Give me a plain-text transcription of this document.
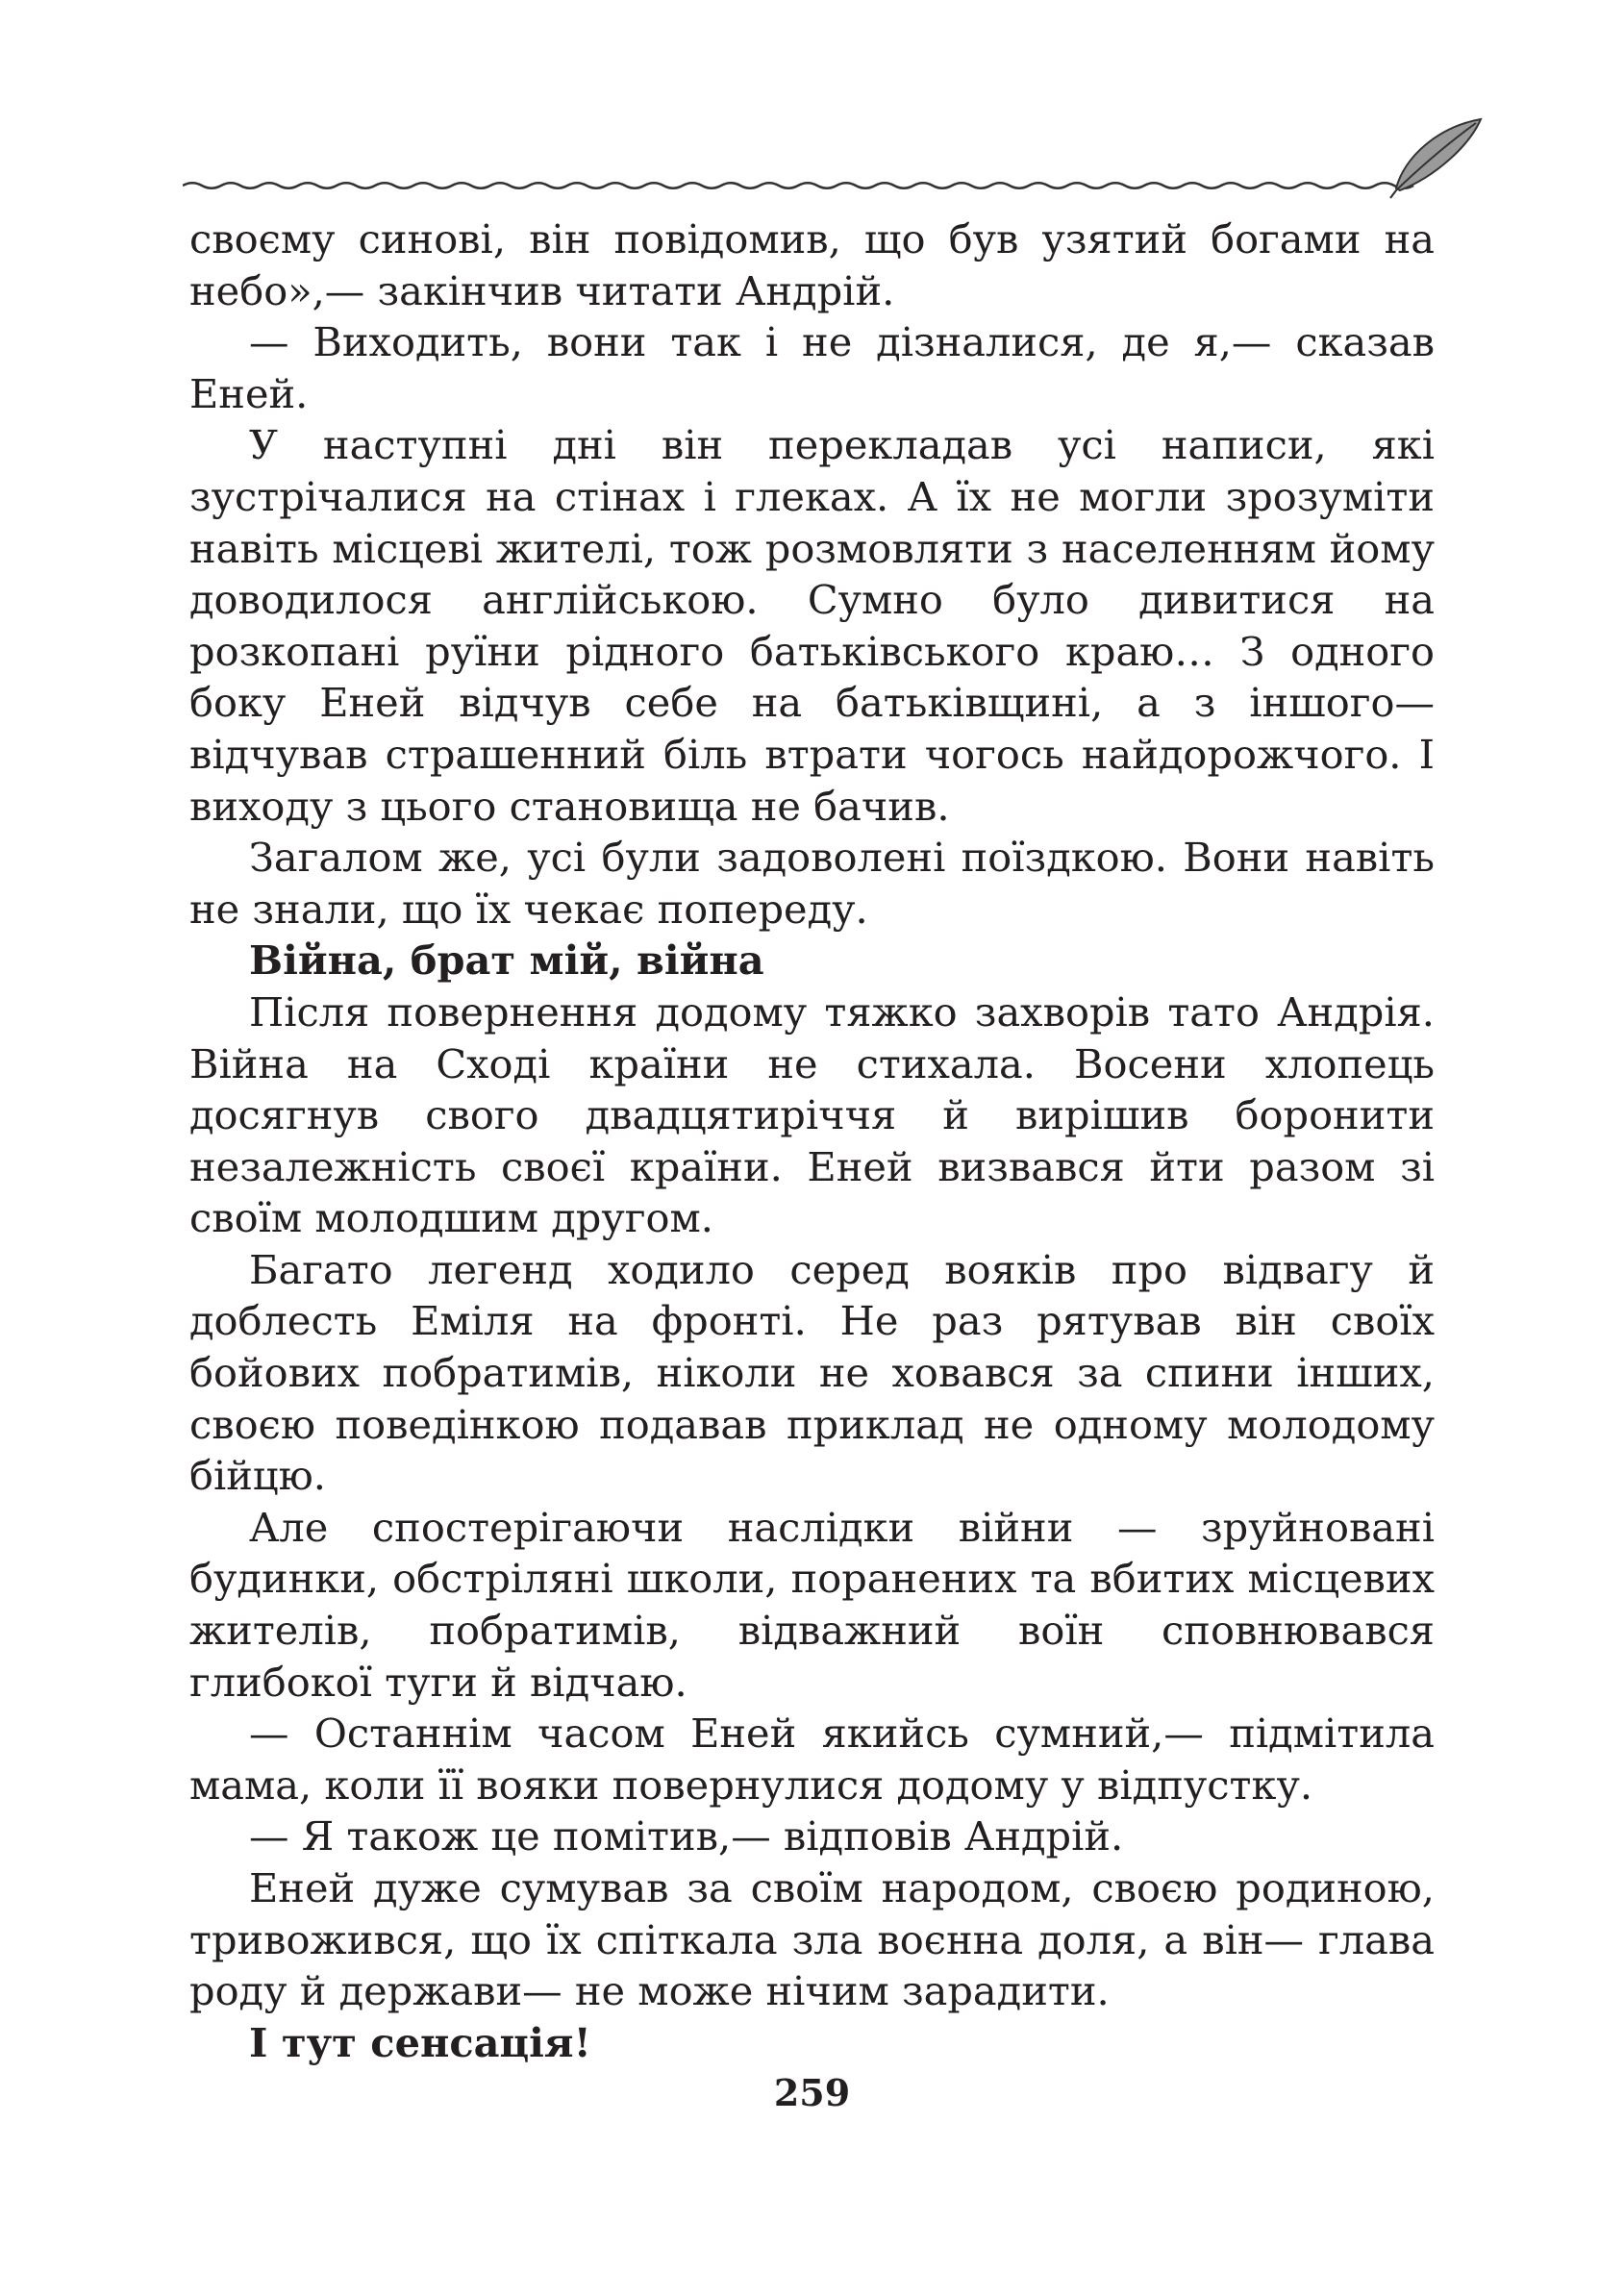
своєму синові, він повідомив, що був узятий богами на небо»,— закінчив читати Андрій.

— Виходить, вони так і не дізналися, де я,— сказав Еней.

У наступні дні він перекладав усі написи, які зустрічалися на стінах і глеках. А їх не могли зрозуміти навіть місцеві жителі, тож розмовляти з населенням йому доводилося англійською. Сумно було дивитися на розкопані руїни рідного батьківського краю… З одного боку Еней відчув себе на батьківщині, а з іншого— відчував страшенний біль втрати чогось найдорожчого. І виходу з цього становища не бачив.

Загалом же, усі були задоволені поїздкою. Вони навіть не знали, що їх чекає попереду.

Війна, брат мій, війна

Після повернення додому тяжко захворів тато Андрія. Війна на Сході країни не стихала. Восени хлопець досягнув свого двадцятиріччя й вирішив боронити незалежність своєї країни. Еней визвався йти разом зі своїм молодшим другом.

Багато легенд ходило серед вояків про відвагу й доблесть Еміля на фронті. Не раз рятував він своїх бойових побратимів, ніколи не ховався за спини інших, своєю поведінкою подавав приклад не одному молодому бійцю.

Але спостерігаючи наслідки війни — зруйновані будинки, обстріляні школи, поранених та вбитих місцевих жителів, побратимів, відважний воїн сповнювався глибокої туги й відчаю.

— Останнім часом Еней якийсь сумний,— підмітила мама, коли її вояки повернулися додому у відпустку.

— Я також це помітив,— відповів Андрій.

Еней дуже сумував за своїм народом, своєю родиною, тривожився, що їх спіткала зла воєнна доля, а він— глава роду й держави— не може нічим зарадити.

І тут сенсація!

259
